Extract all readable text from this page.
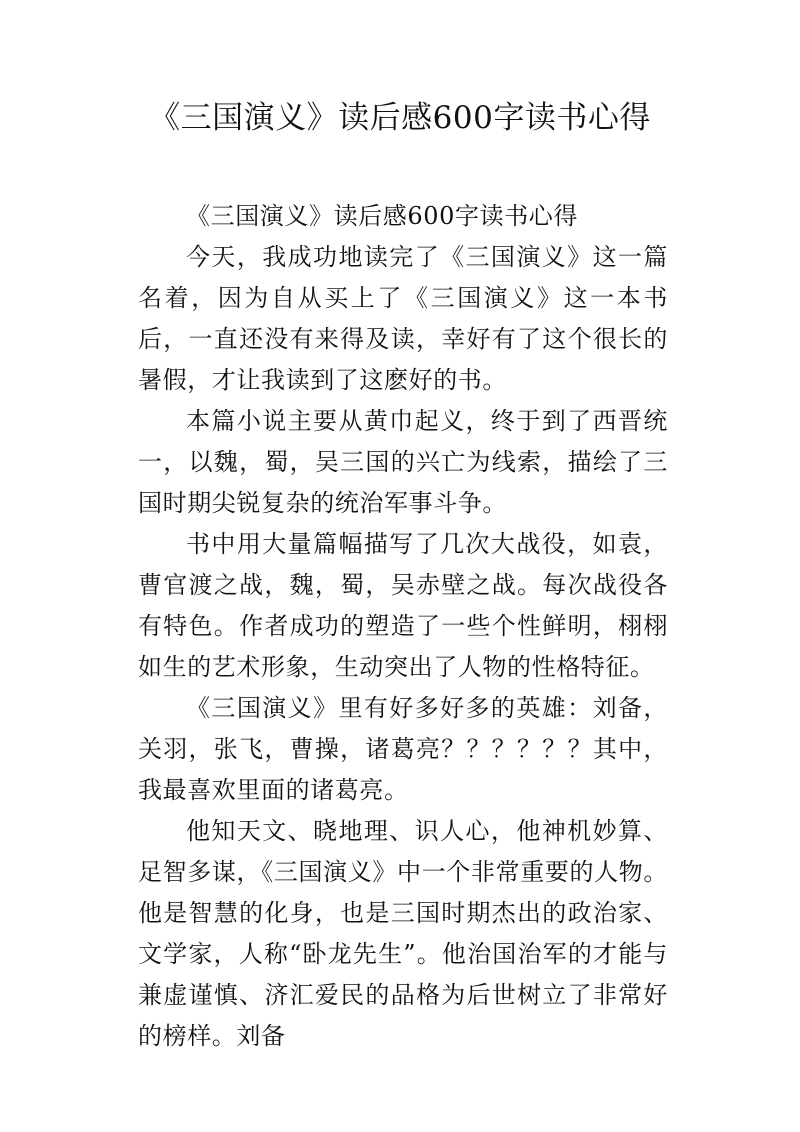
《三国演义》读后感600字读书心得

《三国演义》读后感600字读书心得

今天，我成功地读完了《三国演义》这一篇名着，因为自从买上了《三国演义》这一本书后，一直还没有来得及读，幸好有了这个很长的暑假，才让我读到了这麽好的书。

本篇小说主要从黄巾起义，终于到了西晋统一，以魏，蜀，吴三国的兴亡为线索，描绘了三国时期尖锐复杂的统治军事斗争。

书中用大量篇幅描写了几次大战役，如袁，曹官渡之战，魏，蜀，吴赤壁之战。每次战役各有特色。作者成功的塑造了一些个性鲜明，栩栩如生的艺术形象，生动突出了人物的性格特征。

《三国演义》里有好多好多的英雄：刘备，关羽，张飞，曹操，诸葛亮？？？？？？其中，我最喜欢里面的诸葛亮。

他知天文、晓地理、识人心，他神机妙算、足智多谋，《三国演义》中一个非常重要的人物。他是智慧的化身，也是三国时期杰出的政治家、文学家，人称“卧龙先生”。他治国治军的才能与兼虚谨慎、济汇爱民的品格为后世树立了非常好的榜样。刘备
